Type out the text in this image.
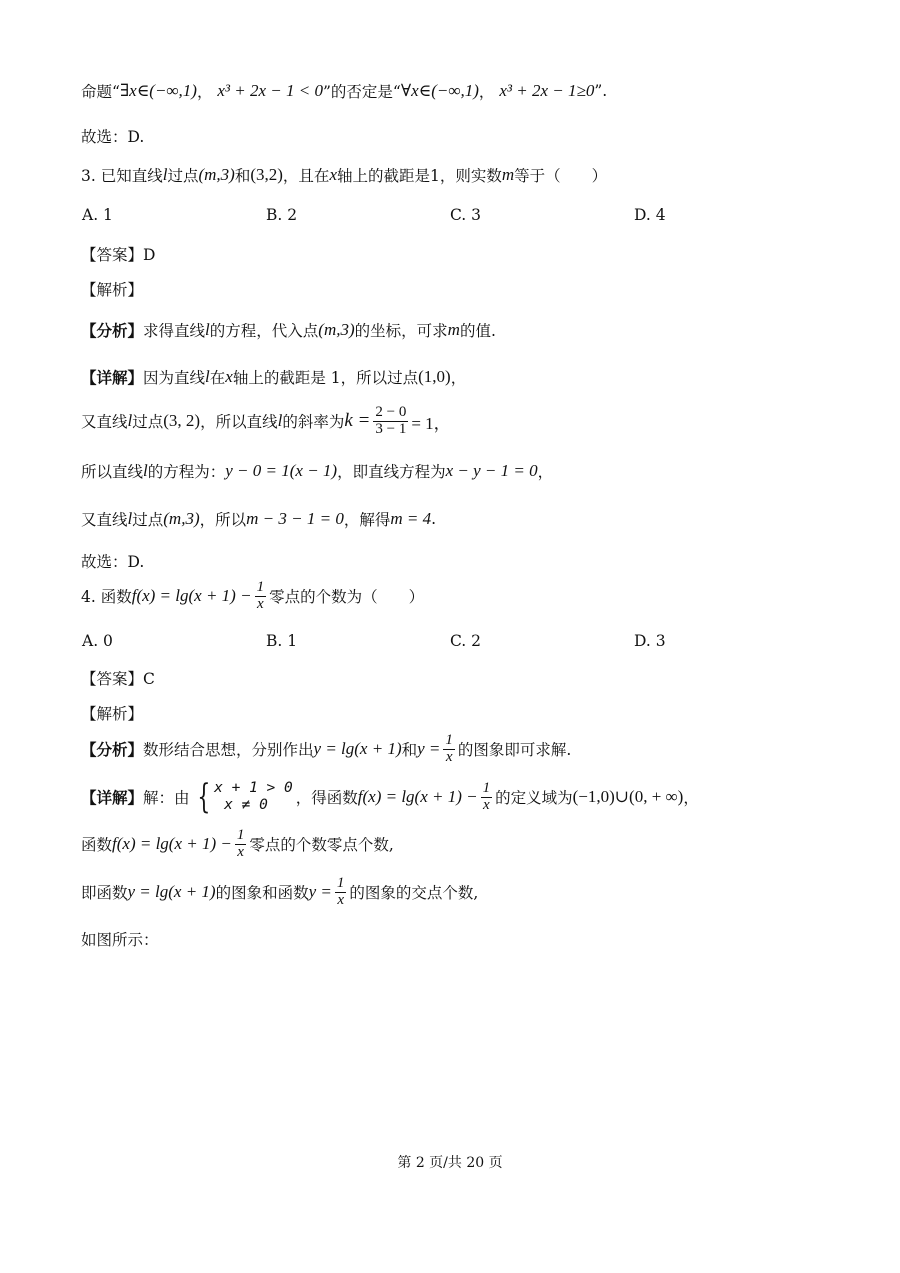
命题“ ∃x∈(−∞,1) ， x³ + 2x − 1 < 0 ”的否定是“ ∀x∈(−∞,1) ， x³ + 2x − 1≥0 ”.
故选：D.
3. 已知直线 l 过点 (m,3) 和 (3,2) ，且在 x 轴上的截距是1，则实数 m 等于（　　）
A. 1	B. 2	C. 3	D. 4
【答案】D
【解析】
【分析】 求得直线 l 的方程，代入点 (m,3) 的坐标，可求 m 的值.
【详解】 因为直线 l 在 x 轴上的截距是 1，所以过点 (1,0) ，
又直线 l 过点 (3, 2) ，所以直线 l 的斜率为 $k = \frac{2 - 0}{3 - 1} = 1$，
所以直线 l 的方程为： y − 0 = 1(x − 1) ，即直线方程为 x − y − 1 = 0 ，
又直线 l 过点 (m,3) ，所以 m − 3 − 1 = 0 ，解得 m = 4 .
故选：D.
4. 函数 $f(x) = \lg(x + 1) - \frac{1}{x}$ 零点的个数为（　　）
A. 0	B. 1	C. 2	D. 3
【答案】C
【解析】
【分析】 数形结合思想，分别作出 y = lg(x + 1) 和 $y = \frac{1}{x}$ 的图象即可求解.
【详解】 解：由 { x + 1 > 0
x ≠ 0	，得函数 $f(x) = \lg(x + 1) - \frac{1}{x}$ 的定义域为 (−1,0)∪(0, + ∞) ，
函数 $f(x) = \lg(x + 1) - \frac{1}{x}$ 零点的个数零点个数,
即函数 y = lg(x + 1) 的图象和函数 $y = \frac{1}{x}$ 的图象的交点个数,
如图所示：
第 2 页/共 20 页
